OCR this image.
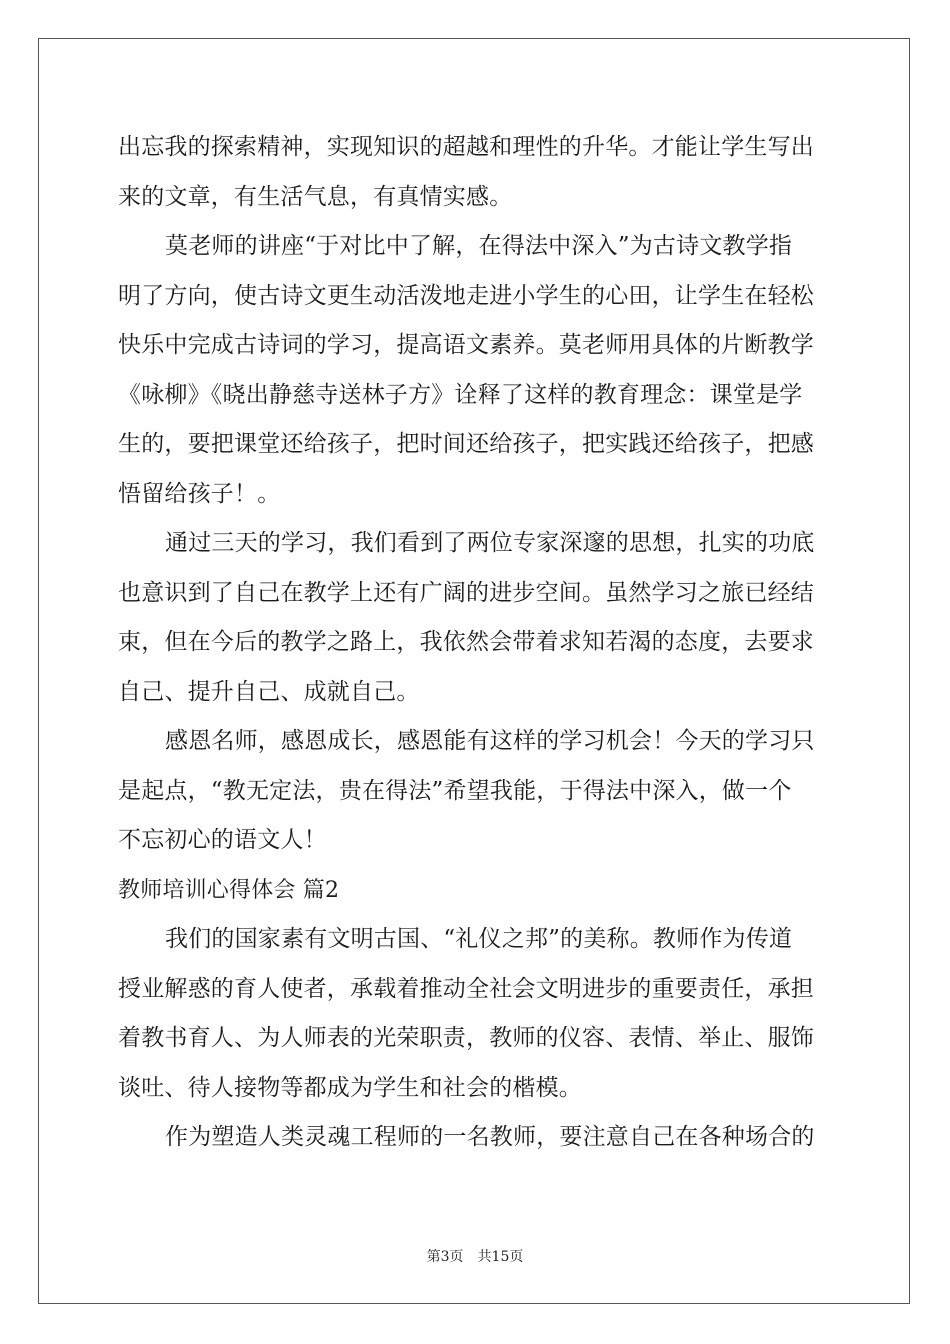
出忘我的探索精神，实现知识的超越和理性的升华。才能让学生写出
来的文章，有生活气息，有真情实感。
莫老师的讲座“于对比中了解，在得法中深入”为古诗文教学指
明了方向，使古诗文更生动活泼地走进小学生的心田，让学生在轻松
快乐中完成古诗词的学习，提高语文素养。莫老师用具体的片断教学
《咏柳》《晓出静慈寺送林子方》诠释了这样的教育理念：课堂是学
生的，要把课堂还给孩子，把时间还给孩子，把实践还给孩子，把感
悟留给孩子！。
通过三天的学习，我们看到了两位专家深邃的思想，扎实的功底
也意识到了自己在教学上还有广阔的进步空间。虽然学习之旅已经结
束，但在今后的教学之路上，我依然会带着求知若渴的态度，去要求
自己、提升自己、成就自己。
感恩名师，感恩成长，感恩能有这样的学习机会！今天的学习只
是起点，“教无定法，贵在得法”希望我能，于得法中深入，做一个
不忘初心的语文人！
教师培训心得体会 篇2
我们的国家素有文明古国、“礼仪之邦”的美称。教师作为传道
授业解惑的育人使者，承载着推动全社会文明进步的重要责任，承担
着教书育人、为人师表的光荣职责，教师的仪容、表情、举止、服饰
谈吐、待人接物等都成为学生和社会的楷模。
作为塑造人类灵魂工程师的一名教师，要注意自己在各种场合的
第3页 共15页
